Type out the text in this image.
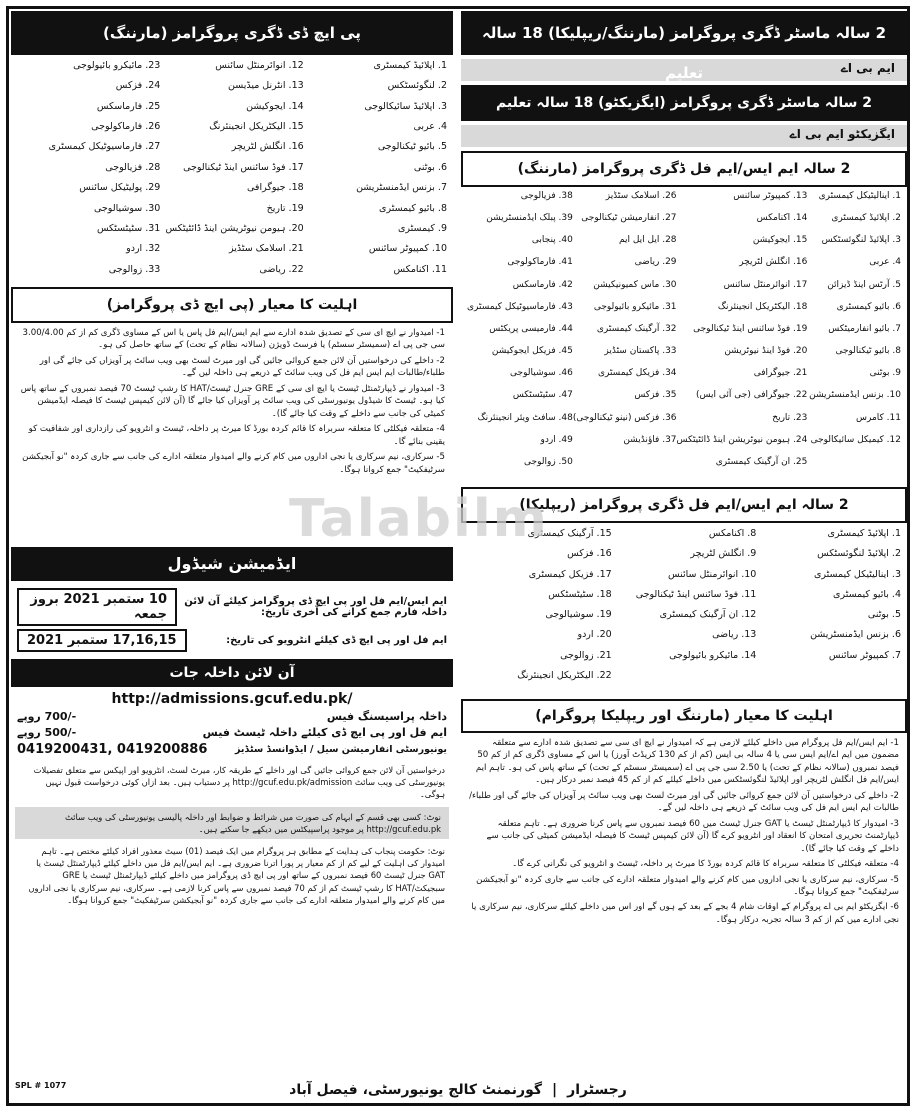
2 سالہ ماسٹر ڈگری پروگرامز (مارننگ/ریپلیکا) 18 سالہ تعلیم	ایم بی اے
2 سالہ ماسٹر ڈگری پروگرامز (ایگزیکٹو) 18 سالہ تعلیم
ایگزیکٹو ایم بی اے
2 سالہ ایم ایس/ایم فل ڈگری پروگرامز (مارننگ)
1. اینالیٹیکل کیمسٹری
13. کمپیوٹر سائنس
26. اسلامک سٹڈیز
38. فزیالوجی
2. اپلائیڈ کیمسٹری
14. اکنامکس
27. انفارمیشن ٹیکنالوجی
39. پبلک ایڈمنسٹریشن
3. اپلائیڈ لنگوئسٹکس
15. ایجوکیشن
28. ایل ایل ایم
40. پنجابی
4. عربی
16. انگلش لٹریچر
29. ریاضی
41. فارماکولوجی
5. آرٹس اینڈ ڈیزائن
17. انوائرمنٹل سائنس
30. ماس کمیونیکیشن
42. فارماسکس
6. بائیو کیمسٹری
18. الیکٹریکل انجینئرنگ
31. مائیکرو بائیولوجی
43. فارماسیوٹیکل کیمسٹری
7. بائیو انفارمیٹکس
19. فوڈ سائنس اینڈ ٹیکنالوجی
32. آرگینک کیمسٹری
44. فارمیسی پریکٹس
8. بائیو ٹیکنالوجی
20. فوڈ اینڈ نیوٹریشن
33. پاکستان سٹڈیز
45. فزیکل ایجوکیشن
9. بوٹنی
21. جیوگرافی
34. فزیکل کیمسٹری
46. سوشیالوجی
10. بزنس ایڈمنسٹریشن
22. جیوگرافی (جی آئی ایس)
35. فزکس
47. سٹیٹسٹکس
11. کامرس
23. تاریخ
36. فزکس (نینو ٹیکنالوجی)
48. سافٹ ویئر انجینئرنگ
12. کیمیکل سائیکالوجی
24. ہیومن نیوٹریشن اینڈ ڈائٹیٹکس
37. فاؤنڈیشن
49. اردو
25. ان آرگینک کیمسٹری
50. زوالوجی
2 سالہ ایم ایس/ایم فل ڈگری پروگرامز (ریپلیکا)
1. اپلائیڈ کیمسٹری
8. اکنامکس
15. آرگینک کیمسٹری
2. اپلائیڈ لنگوئسٹکس
9. انگلش لٹریچر
16. فزکس
3. اینالیٹیکل کیمسٹری
10. انوائرمنٹل سائنس
17. فزیکل کیمسٹری
4. بائیو کیمسٹری
11. فوڈ سائنس اینڈ ٹیکنالوجی
18. سٹیٹسٹکس
5. بوٹنی
12. ان آرگینک کیمسٹری
19. سوشیالوجی
6. بزنس ایڈمنسٹریشن
13. ریاضی
20. اردو
7. کمپیوٹر سائنس
14. مائیکرو بائیولوجی
21. زوالوجی
22. الیکٹریکل انجینئرنگ
اہلیت کا معیار (مارننگ اور ریپلیکا پروگرام)

1- ایم ایس/ایم فل پروگرام میں داخلے کیلئے لازمی ہے کہ امیدوار نے ایچ ای سی سے تصدیق شدہ ادارے سے متعلقہ مضمون میں ایم اے/ایم ایس سی یا 4 سالہ بی ایس (کم از کم 130 کریڈٹ آورز) یا اس کے مساوی ڈگری کم از کم 50 فیصد نمبروں (سالانہ نظام کے تحت) یا 2.50 سی جی پی اے (سمیسٹر سسٹم کے تحت) کے ساتھ پاس کی ہو۔ تاہم ایم ایس/ایم فل انگلش لٹریچر اور اپلائیڈ لنگوئسٹکس میں داخلے کیلئے کم از کم 45 فیصد نمبر درکار ہیں۔

2- داخلے کی درخواستیں آن لائن جمع کروائی جائیں گی اور میرٹ لسٹ بھی ویب سائٹ پر آویزاں کی جائے گی اور طلباء/طالبات ایم ایس ایم فل کی ویب سائٹ کے ذریعے ہی داخلہ لیں گے۔

3- امیدوار کا ڈیپارٹمنٹل ٹیسٹ یا GAT جنرل ٹیسٹ میں 60 فیصد نمبروں سے پاس کرنا ضروری ہے۔ تاہم متعلقہ ڈیپارٹمنٹ تحریری امتحان کا انعقاد اور انٹرویو کرے گا (آن لائن کیمپس ٹیسٹ کا فیصلہ ایڈمیشن کمیٹی کی جانب سے داخلے کے وقت کیا جائے گا)۔

4- متعلقہ فیکلٹی کا متعلقہ سربراہ کا قائم کردہ بورڈ کا میرٹ پر داخلہ، ٹیسٹ و انٹرویو کی نگرانی کرے گا۔

5- سرکاری، نیم سرکاری یا نجی اداروں میں کام کرنے والے امیدوار متعلقہ ادارے کی جانب سے جاری کردہ "نو آبجیکشن سرٹیفکیٹ" جمع کروانا ہوگا۔

6- ایگزیکٹو ایم بی اے پروگرام کے اوقات شام 4 بجے کے بعد کے ہوں گے اور اس میں داخلے کیلئے سرکاری، نیم سرکاری یا نجی ادارے میں کم از کم 3 سالہ تجربہ درکار ہوگا۔

پی ایچ ڈی ڈگری پروگرامز (مارننگ)
1. اپلائیڈ کیمسٹری
12. انوائرمنٹل سائنس
23. مائیکرو بائیولوجی
2. لنگوئسٹکس
13. انٹرنل میڈیسن
24. فزکس
3. اپلائیڈ سائیکالوجی
14. ایجوکیشن
25. فارماسکس
4. عربی
15. الیکٹریکل انجینئرنگ
26. فارماکولوجی
5. بائیو ٹیکنالوجی
16. انگلش لٹریچر
27. فارماسیوٹیکل کیمسٹری
6. بوٹنی
17. فوڈ سائنس اینڈ ٹیکنالوجی
28. فزیالوجی
7. بزنس ایڈمنسٹریشن
18. جیوگرافی
29. پولیٹیکل سائنس
8. بائیو کیمسٹری
19. تاریخ
30. سوشیالوجی
9. کیمسٹری
20. ہیومن نیوٹریشن اینڈ ڈائٹیٹکس
31. سٹیٹسٹکس
10. کمپیوٹر سائنس
21. اسلامک سٹڈیز
32. اردو
11. اکنامکس
22. ریاضی
33. زوالوجی
اہلیت کا معیار (پی ایچ ڈی پروگرامز)

1- امیدوار نے ایچ ای سی کے تصدیق شدہ ادارے سے ایم ایس/ایم فل پاس یا اس کے مساوی ڈگری کم از کم 3.00/4.00 سی جی پی اے (سمیسٹر سسٹم) یا فرسٹ ڈویژن (سالانہ نظام کے تحت) کے ساتھ حاصل کی ہو۔

2- داخلے کی درخواستیں آن لائن جمع کروائی جائیں گی اور میرٹ لسٹ بھی ویب سائٹ پر آویزاں کی جائے گی اور طلباء/طالبات ایم ایس ایم فل کی ویب سائٹ کے ذریعے ہی داخلہ لیں گے۔

3- امیدوار نے ڈیپارٹمنٹل ٹیسٹ یا ایچ ای سی کے GRE جنرل ٹیسٹ/HAT کا رشپ ٹیسٹ 70 فیصد نمبروں کے ساتھ پاس کیا ہو۔ ٹیسٹ کا شیڈول یونیورسٹی کی ویب سائٹ پر آویزاں کیا جائے گا (آن لائن کیمپس ٹیسٹ کا فیصلہ ایڈمیشن کمیٹی کی جانب سے داخلے کے وقت کیا جائے گا)۔

4- متعلقہ فیکلٹی کا متعلقہ سربراہ کا قائم کردہ بورڈ کا میرٹ پر داخلہ، ٹیسٹ و انٹرویو کی رازداری اور شفافیت کو یقینی بنائے گا۔

5- سرکاری، نیم سرکاری یا نجی اداروں میں کام کرنے والے امیدوار متعلقہ ادارے کی جانب سے جاری کردہ "نو آبجیکشن سرٹیفکیٹ" جمع کروانا ہوگا۔

ایڈمیشن شیڈول
ایم ایس/ایم فل اور پی ایچ ڈی پروگرامز کیلئے آن لائن داخلہ فارم جمع کرانے کی آخری تاریخ:
10 ستمبر 2021 بروز جمعہ
ایم فل اور پی ایچ ڈی کیلئے انٹرویو کی تاریخ:
17,16,15 ستمبر 2021
آن لائن داخلہ جات
http://admissions.gcuf.edu.pk/
داخلہ پراسیسنگ فیس
-/700 روپے
ایم فل اور پی ایچ ڈی کیلئے داخلہ ٹیسٹ فیس
-/500 روپے
یونیورسٹی انفارمیشن سیل / ایڈوانسڈ سٹڈیز
0419200431, 0419200886
درخواستیں آن لائن جمع کروائی جائیں گی اور داخلے کے طریقہ کار، میرٹ لسٹ، انٹرویو اور اپیکس سے متعلق تفصیلات یونیورسٹی کی ویب سائٹ http://gcuf.edu.pk/admission پر دستیاب ہیں۔ بعد ازاں کوئی درخواست قبول نہیں ہوگی۔
نوٹ: کسی بھی قسم کے ابہام کی صورت میں شرائط و ضوابط اور داخلہ پالیسی یونیورسٹی کی ویب سائٹ http://gcuf.edu.pk پر موجود پراسپیکٹس میں دیکھے جا سکتے ہیں۔
نوٹ: حکومت پنجاب کی ہدایت کے مطابق ہر پروگرام میں ایک فیصد (01) سیٹ معذور افراد کیلئے مختص ہے۔ تاہم امیدوار کی اہلیت کے لیے کم از کم معیار پر پورا اترنا ضروری ہے۔ ایم ایس/ایم فل میں داخلے کیلئے ڈیپارٹمنٹل ٹیسٹ یا GAT جنرل ٹیسٹ 60 فیصد نمبروں کے ساتھ اور پی ایچ ڈی پروگرامز میں داخلے کیلئے ڈیپارٹمنٹل ٹیسٹ یا GRE سبجیکٹ/HAT کا رشپ ٹیسٹ کم از کم 70 فیصد نمبروں سے پاس کرنا لازمی ہے۔ سرکاری، نیم سرکاری یا نجی اداروں میں کام کرنے والے امیدوار متعلقہ ادارے کی جانب سے جاری کردہ "نو آبجیکشن سرٹیفکیٹ" جمع کروانا ہوگا۔
Talabilm
رجسٹرار
|
گورنمنٹ کالج یونیورسٹی، فیصل آباد
SPL # 1077
